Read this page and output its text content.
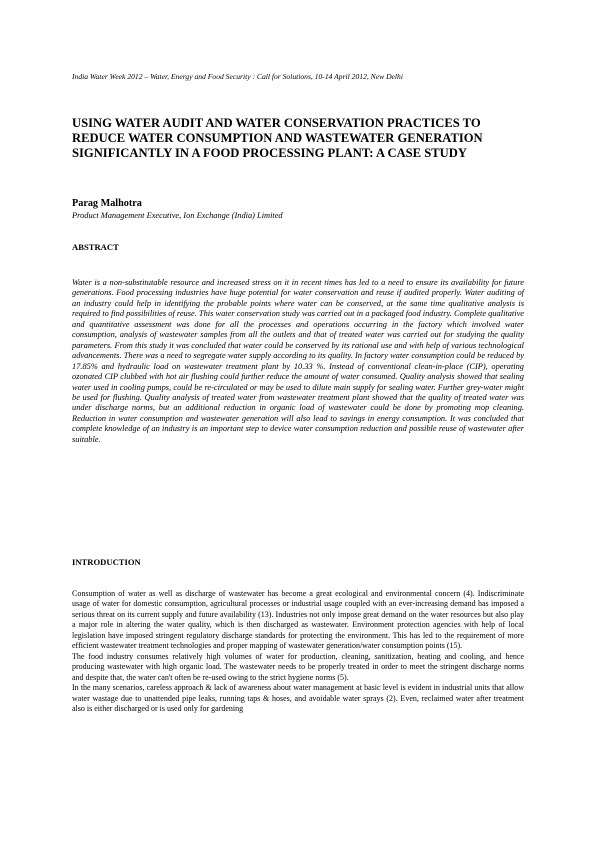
India Water Week 2012 – Water, Energy and Food Security : Call for Solutions, 10-14 April 2012, New Delhi
USING WATER AUDIT AND WATER CONSERVATION PRACTICES TO REDUCE WATER CONSUMPTION AND WASTEWATER GENERATION SIGNIFICANTLY IN A FOOD PROCESSING PLANT: A CASE STUDY
Parag Malhotra
Product Management Executive, Ion Exchange (India) Limited
ABSTRACT

Water is a non-substitutable resource and increased stress on it in recent times has led to a need to ensure its availability for future generations. Food processing industries have huge potential for water conservation and reuse if audited properly. Water auditing of an industry could help in identifying the probable points where water can be conserved, at the same time qualitative analysis is required to find possibilities of reuse. This water conservation study was carried out in a packaged food industry. Complete qualitative and quantitative assessment was done for all the processes and operations occurring in the factory which involved water consumption, analysis of wastewater samples from all the outlets and that of treated water was carried out for studying the quality parameters. From this study it was concluded that water could be conserved by its rational use and with help of various technological advancements. There was a need to segregate water supply according to its quality. In factory water consumption could be reduced by 17.85% and hydraulic load on wastewater treatment plant by 10.33 %. Instead of conventional clean-in-place (CIP), operating ozonated CIP clubbed with hot air flushing could further reduce the amount of water consumed. Quality analysis showed that sealing water used in cooling pumps, could be re-circulated or may be used to dilute main supply for sealing water. Further grey-water might be used for flushing. Quality analysis of treated water from wastewater treatment plant showed that the quality of treated water was under discharge norms, but an additional reduction in organic load of wastewater could be done by promoting mop cleaning. Reduction in water consumption and wastewater generation will also lead to savings in energy consumption. It was concluded that complete knowledge of an industry is an important step to device water consumption reduction and possible reuse of wastewater after suitable.

INTRODUCTION

Consumption of water as well as discharge of wastewater has become a great ecological and environmental concern (4). Indiscriminate usage of water for domestic consumption, agricultural processes or industrial usage coupled with an ever-increasing demand has imposed a serious threat on its current supply and future availability (13). Industries not only impose great demand on the water resources but also play a major role in altering the water quality, which is then discharged as wastewater. Environment protection agencies with help of local legislation have imposed stringent regulatory discharge standards for protecting the environment. This has led to the requirement of more efficient wastewater treatment technologies and proper mapping of wastewater generation/water consumption points (15).

The food industry consumes relatively high volumes of water for production, cleaning, sanitization, heating and cooling, and hence producing wastewater with high organic load. The wastewater needs to be properly treated in order to meet the stringent discharge norms and despite that, the water can't often be re-used owing to the strict hygiene norms (5).

In the many scenarios, careless approach & lack of awareness about water management at basic level is evident in industrial units that allow water wastage due to unattended pipe leaks, running taps & hoses, and avoidable water sprays (2). Even, reclaimed water after treatment also is either discharged or is used only for gardening
